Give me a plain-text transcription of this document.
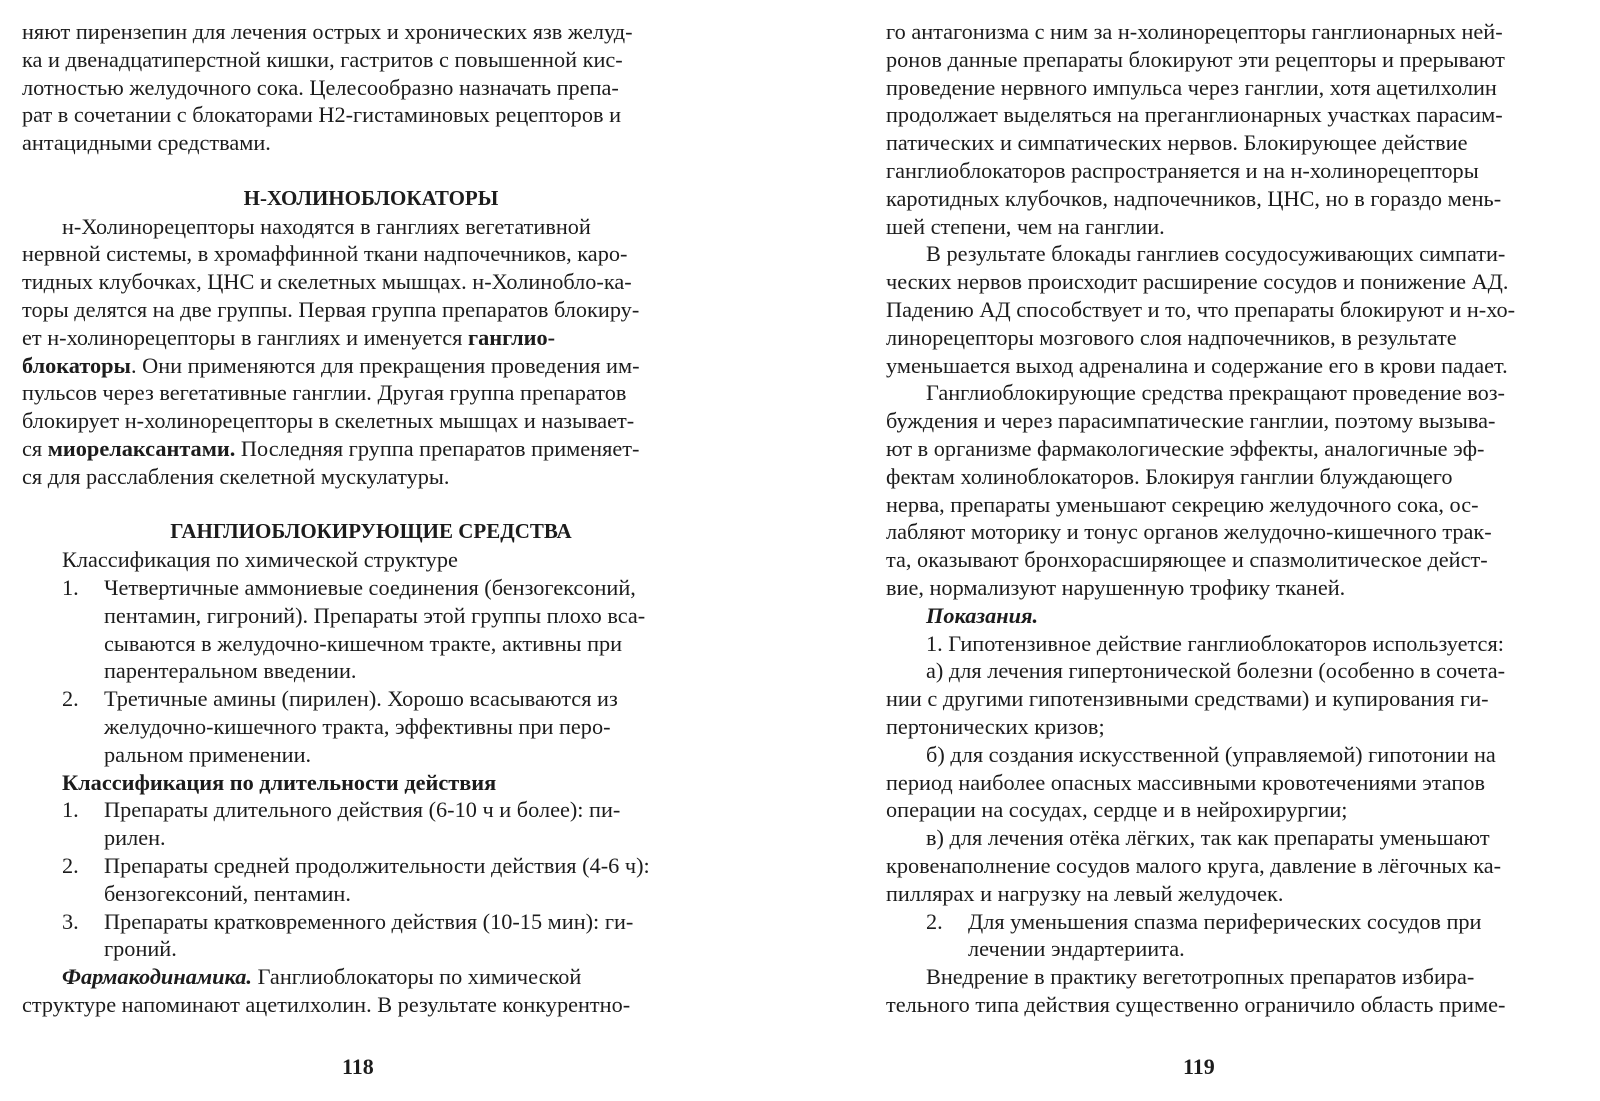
няют пирензепин для лечения острых и хронических язв желуд-

ка и двенадцатиперстной кишки, гастритов с повышенной кис-

лотностью желудочного сока. Целесообразно назначать препа-

рат в сочетании с блокаторами Н2-гистаминовых рецепторов и

антацидными средствами.

Н-ХОЛИНОБЛОКАТОРЫ

н-Холинорецепторы находятся в ганглиях вегетативной

нервной системы, в хромаффинной ткани надпочечников, каро-

тидных клубочках, ЦНС и скелетных мышцах. н-Холинобло-ка-

торы делятся на две группы. Первая группа препаратов блокиру-

ет н-холинорецепторы в ганглиях и именуется ганглио-

блокаторы. Они применяются для прекращения проведения им-

пульсов через вегетативные ганглии. Другая группа препаратов

блокирует н-холинорецепторы в скелетных мышцах и называет-

ся миорелаксантами. Последняя группа препаратов применяет-

ся для расслабления скелетной мускулатуры.

ГАНГЛИОБЛОКИРУЮЩИЕ СРЕДСТВА

Классификация по химической структуре

1. Четвертичные аммониевые соединения (бензогексоний,

пентамин, гигроний). Препараты этой группы плохо вса-

сываются в желудочно-кишечном тракте, активны при

парентеральном введении.

2. Третичные амины (пирилен). Хорошо всасываются из

желудочно-кишечного тракта, эффективны при перо-

ральном применении.

Классификация по длительности действия

1. Препараты длительного действия (6-10 ч и более): пи-

рилен.

2. Препараты средней продолжительности действия (4-6 ч):

бензогексоний, пентамин.

3. Препараты кратковременного действия (10-15 мин): ги-

гроний.

Фармакодинамика. Ганглиоблокаторы по химической

структуре напоминают ацетилхолин. В результате конкурентно-

го антагонизма с ним за н-холинорецепторы ганглионарных ней-

ронов данные препараты блокируют эти рецепторы и прерывают

проведение нервного импульса через ганглии, хотя ацетилхолин

продолжает выделяться на преганглионарных участках парасим-

патических и симпатических нервов. Блокирующее действие

ганглиоблокаторов распространяется и на н-холинорецепторы

каротидных клубочков, надпочечников, ЦНС, но в гораздо мень-

шей степени, чем на ганглии.

В результате блокады ганглиев сосудосуживающих симпати-

ческих нервов происходит расширение сосудов и понижение АД.

Падению АД способствует и то, что препараты блокируют и н-хо-

линорецепторы мозгового слоя надпочечников, в результате

уменьшается выход адреналина и содержание его в крови падает.

Ганглиоблокирующие средства прекращают проведение воз-

буждения и через парасимпатические ганглии, поэтому вызыва-

ют в организме фармакологические эффекты, аналогичные эф-

фектам холиноблокаторов. Блокируя ганглии блуждающего

нерва, препараты уменьшают секрецию желудочного сока, ос-

лабляют моторику и тонус органов желудочно-кишечного трак-

та, оказывают бронхорасширяющее и спазмолитическое дейст-

вие, нормализуют нарушенную трофику тканей.

Показания.

1. Гипотензивное действие ганглиоблокаторов используется:

а) для лечения гипертонической болезни (особенно в сочета-

нии с другими гипотензивными средствами) и купирования ги-

пертонических кризов;

б) для создания искусственной (управляемой) гипотонии на

период наиболее опасных массивными кровотечениями этапов

операции на сосудах, сердце и в нейрохирургии;

в) для лечения отёка лёгких, так как препараты уменьшают

кровенаполнение сосудов малого круга, давление в лёгочных ка-

пиллярах и нагрузку на левый желудочек.

2. Для уменьшения спазма периферических сосудов при

лечении эндартериита.

Внедрение в практику вегетотропных препаратов избира-

тельного типа действия существенно ограничило область приме-

118	119
